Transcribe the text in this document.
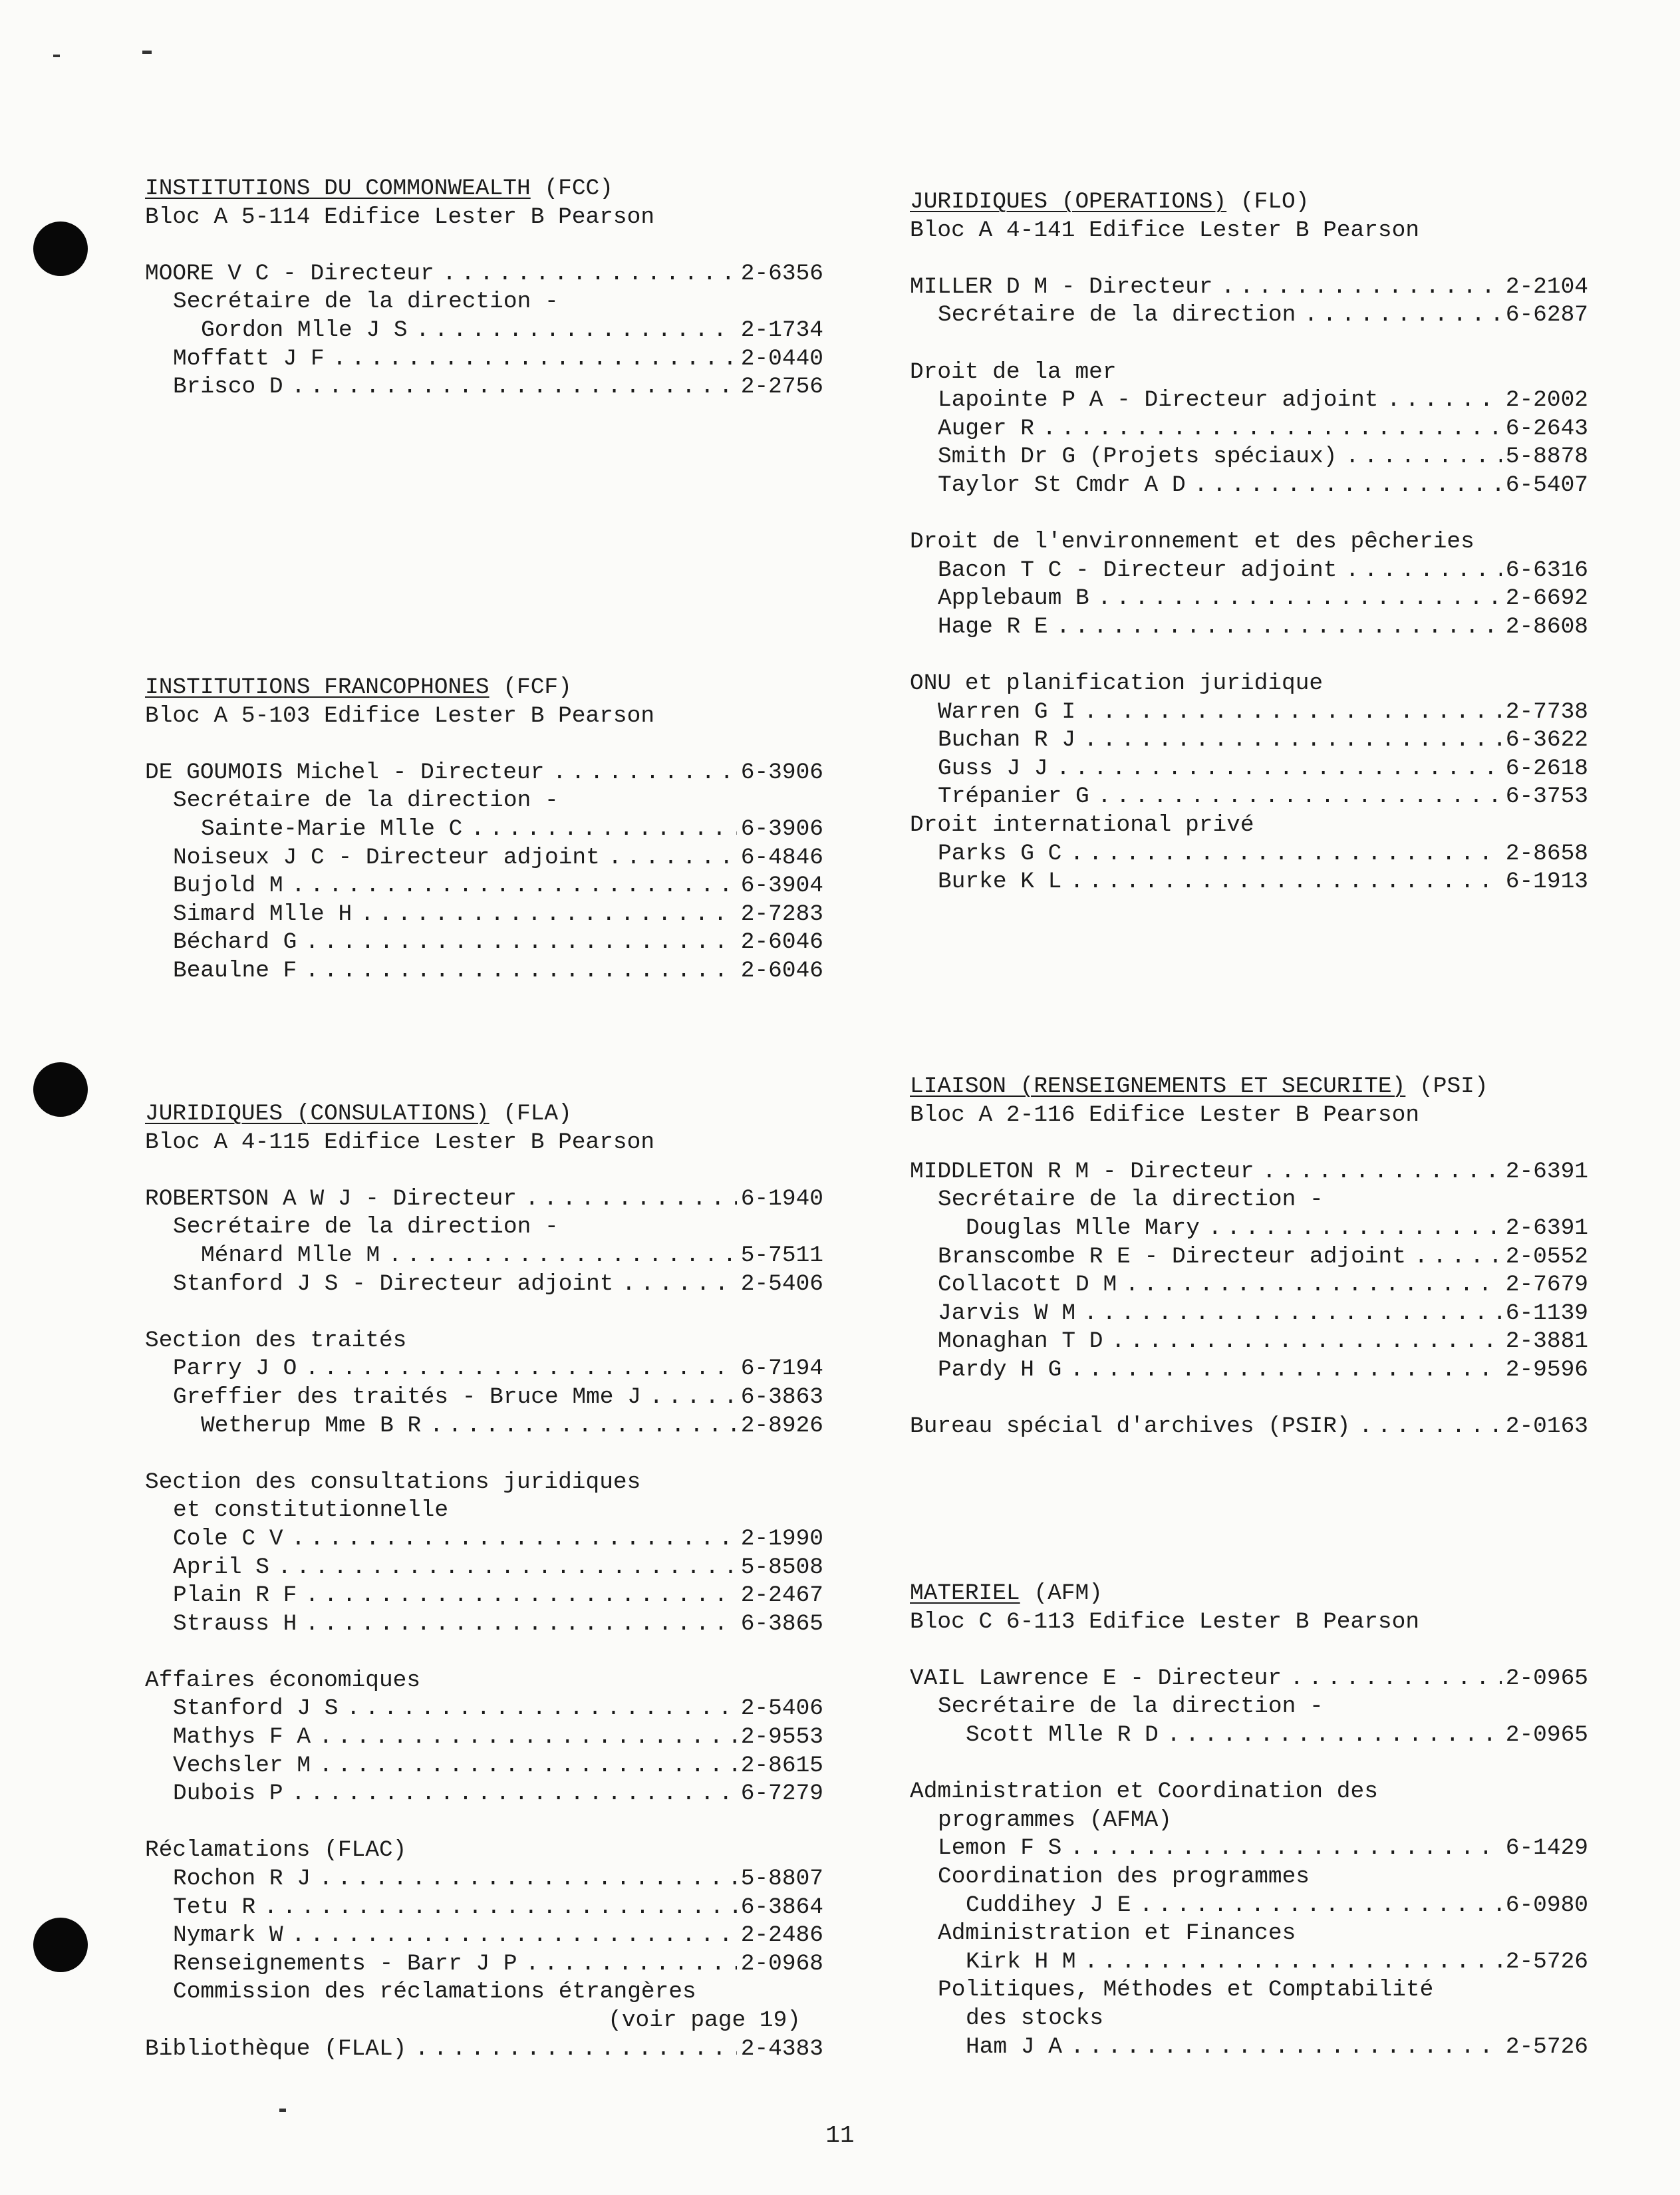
INSTITUTIONS DU COMMONWEALTH (FCC)
Bloc A 5-114 Edifice Lester B Pearson
MOORE V C - Directeur .....	2-6356
Secrétaire de la direction -
Gordon Mlle J S .....	2-1734
Moffatt J F .....	2-0440
Brisco D .....	2-2756
INSTITUTIONS FRANCOPHONES (FCF)
Bloc A 5-103 Edifice Lester B Pearson
DE GOUMOIS Michel - Directeur .....	6-3906
Secrétaire de la direction -
Sainte-Marie Mlle C .....	6-3906
Noiseux J C - Directeur adjoint .....	6-4846
Bujold M .....	6-3904
Simard Mlle H .....	2-7283
Béchard G .....	2-6046
Beaulne F .....	2-6046
JURIDIQUES (CONSULATIONS) (FLA)
Bloc A 4-115 Edifice Lester B Pearson
ROBERTSON A W J - Directeur .....	6-1940
Secrétaire de la direction -
Ménard Mlle M .....	5-7511
Stanford J S - Directeur adjoint .....	2-5406
Section des traités
Parry J O .....	6-7194
Greffier des traités - Bruce Mme J .....	6-3863
Wetherup Mme B R .....	2-8926
Section des consultations juridiques
et constitutionnelle
Cole C V .....	2-1990
April S .....	5-8508
Plain R F .....	2-2467
Strauss H .....	6-3865
Affaires économiques
Stanford J S .....	2-5406
Mathys F A .....	2-9553
Vechsler M .....	2-8615
Dubois P .....	6-7279
Réclamations (FLAC)
Rochon R J .....	5-8807
Tetu R .....	6-3864
Nymark W .....	2-2486
Renseignements - Barr J P .....	2-0968
Commission des réclamations étrangères
(voir page 19)
Bibliothèque (FLAL) .....	2-4383
JURIDIQUES (OPERATIONS) (FLO)
Bloc A 4-141 Edifice Lester B Pearson
MILLER D M - Directeur .....	2-2104
Secrétaire de la direction .....	6-6287
Droit de la mer
Lapointe P A - Directeur adjoint .....	2-2002
Auger R .....	6-2643
Smith Dr G (Projets spéciaux) .....	5-8878
Taylor St Cmdr A D .....	6-5407
Droit de l'environnement et des pêcheries
Bacon T C - Directeur adjoint .....	6-6316
Applebaum B .....	2-6692
Hage R E .....	2-8608
ONU et planification juridique
Warren G I .....	2-7738
Buchan R J .....	6-3622
Guss J J .....	6-2618
Trépanier G .....	6-3753
Droit international privé
Parks G C .....	2-8658
Burke K L .....	6-1913
LIAISON (RENSEIGNEMENTS ET SECURITE) (PSI)
Bloc A 2-116 Edifice Lester B Pearson
MIDDLETON R M - Directeur .....	2-6391
Secrétaire de la direction -
Douglas Mlle Mary .....	2-6391
Branscombe R E - Directeur adjoint .....	2-0552
Collacott D M .....	2-7679
Jarvis W M .....	6-1139
Monaghan T D .....	2-3881
Pardy H G .....	2-9596
Bureau spécial d'archives (PSIR) .....	2-0163
MATERIEL (AFM)
Bloc C 6-113 Edifice Lester B Pearson
VAIL Lawrence E - Directeur .....	2-0965
Secrétaire de la direction -
Scott Mlle R D .....	2-0965
Administration et Coordination des
programmes (AFMA)
Lemon F S .....	6-1429
Coordination des programmes
Cuddihey J E .....	6-0980
Administration et Finances
Kirk H M .....	2-5726
Politiques, Méthodes et Comptabilité
des stocks
Ham J A .....	2-5726
11
